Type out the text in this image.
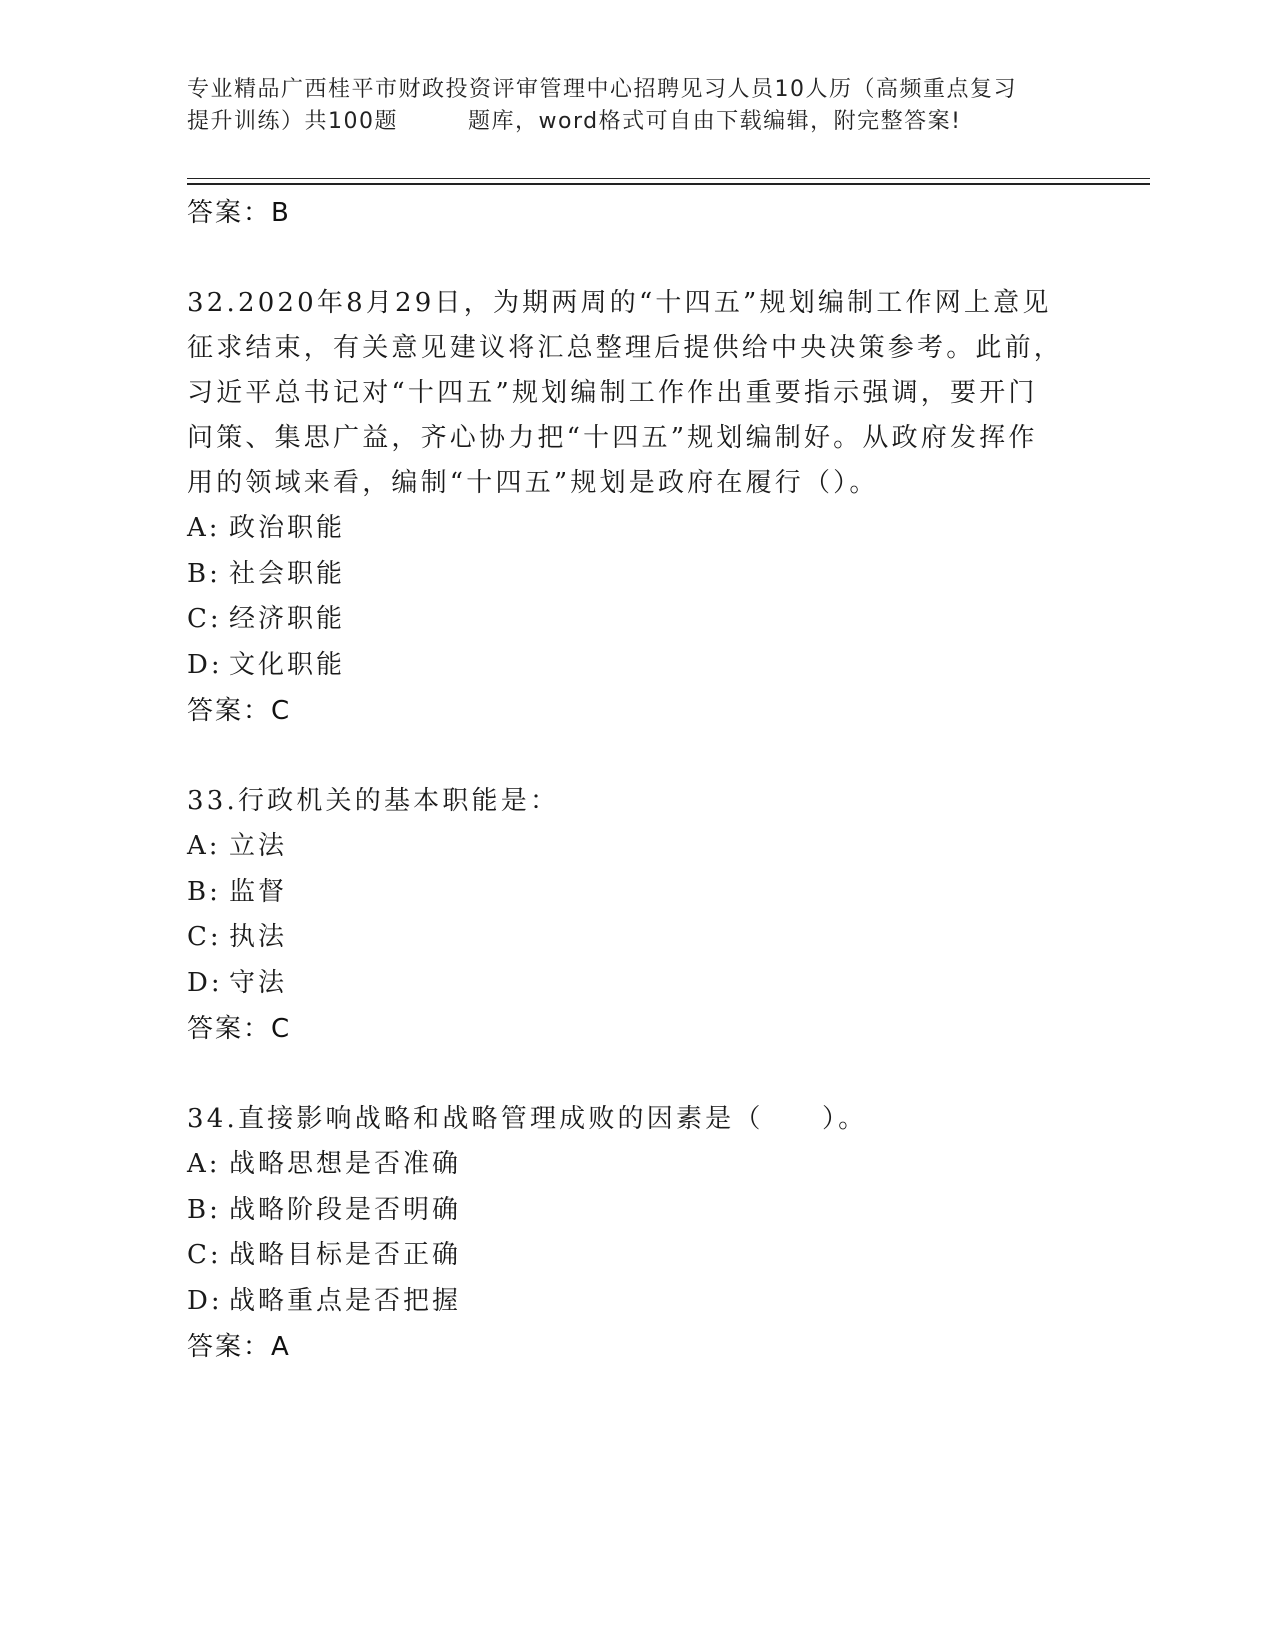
专业精品广西桂平市财政投资评审管理中心招聘见习人员10人历（高频重点复习
提升训练）共100题	题库，word格式可自由下载编辑，附完整答案!
答案：B
32.2020年8月29日，为期两周的“十四五”规划编制工作网上意见
征求结束，有关意见建议将汇总整理后提供给中央决策参考。此前，
习近平总书记对“十四五”规划编制工作作出重要指示强调，要开门
问策、集思广益，齐心协力把“十四五”规划编制好。从政府发挥作
用的领域来看，编制“十四五”规划是政府在履行（）。
A: 政治职能
B: 社会职能
C: 经济职能
D: 文化职能
答案：C
33.行政机关的基本职能是：
A: 立法
B: 监督
C: 执法
D: 守法
答案：C
34.直接影响战略和战略管理成败的因素是（　　）。
A: 战略思想是否准确
B: 战略阶段是否明确
C: 战略目标是否正确
D: 战略重点是否把握
答案：A
